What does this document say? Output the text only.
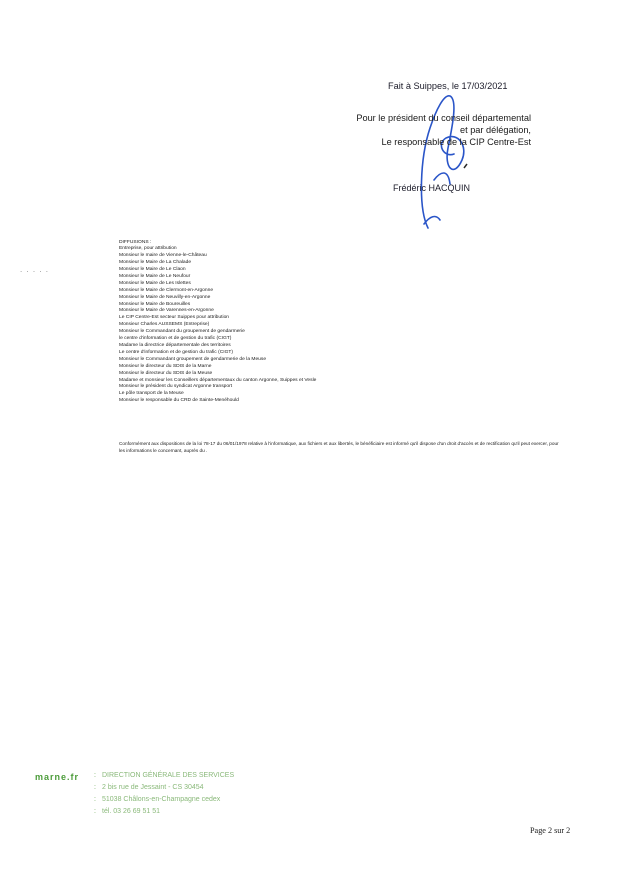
Fait à Suippes, le 17/03/2021
Pour le président du conseil départemental
et par délégation,
Le responsable de la CIP Centre-Est
Frédéric HACQUIN
. . . . .
DIFFUSIONS :
Entreprise, pour attribution
Monsieur le maire de Vienne-le-Château
Monsieur le Maire de La Chalade
Monsieur le Maire de Le Claon
Monsieur le Maire de Le Neufour
Monsieur le Maire de Les Islettes
Monsieur le Maire de Clermont-en-Argonne
Monsieur le Maire de Neuvilly-en-Argonne
Monsieur le Maire de Boureuilles
Monsieur le Maire de Varennes-en-Argonne
Le CIP Centre-Est secteur Suippes pour attribution
Monsieur Charles AUSSEMS (Entreprise)
Monsieur le Commandant du groupement de gendarmerie
le centre d'information et de gestion du trafic (CIGT)
Madame la directrice départementale des territoires
Le centre d'information et de gestion du trafic (CIGT)
Monsieur le Commandant groupement de gendarmerie de la Meuse
Monsieur le directeur du SDIS de la Marne
Monsieur le directeur du SDIS de la Meuse
Madame et monsieur les Conseillers départementaux du canton Argonne, Suippes et Vesle
Monsieur le président du syndicat Argonne transport
Le pôle transport de la Meuse
Monsieur le responsable du CRD de Sainte-Menéhould
Conformément aux dispositions de la loi 78-17 du 06/01/1978 relative à l'informatique, aux fichiers et aux libertés, le bénéficiaire est informé qu'il dispose d'un droit d'accès et de rectification qu'il peut exercer, pour les informations le concernant, auprès du .
marne.fr : DIRECTION GÉNÉRALE DES SERVICES
: 2 bis rue de Jessaint - CS 30454
: 51038 Châlons-en-Champagne cedex
: tél. 03 26 69 51 51
Page 2 sur 2
